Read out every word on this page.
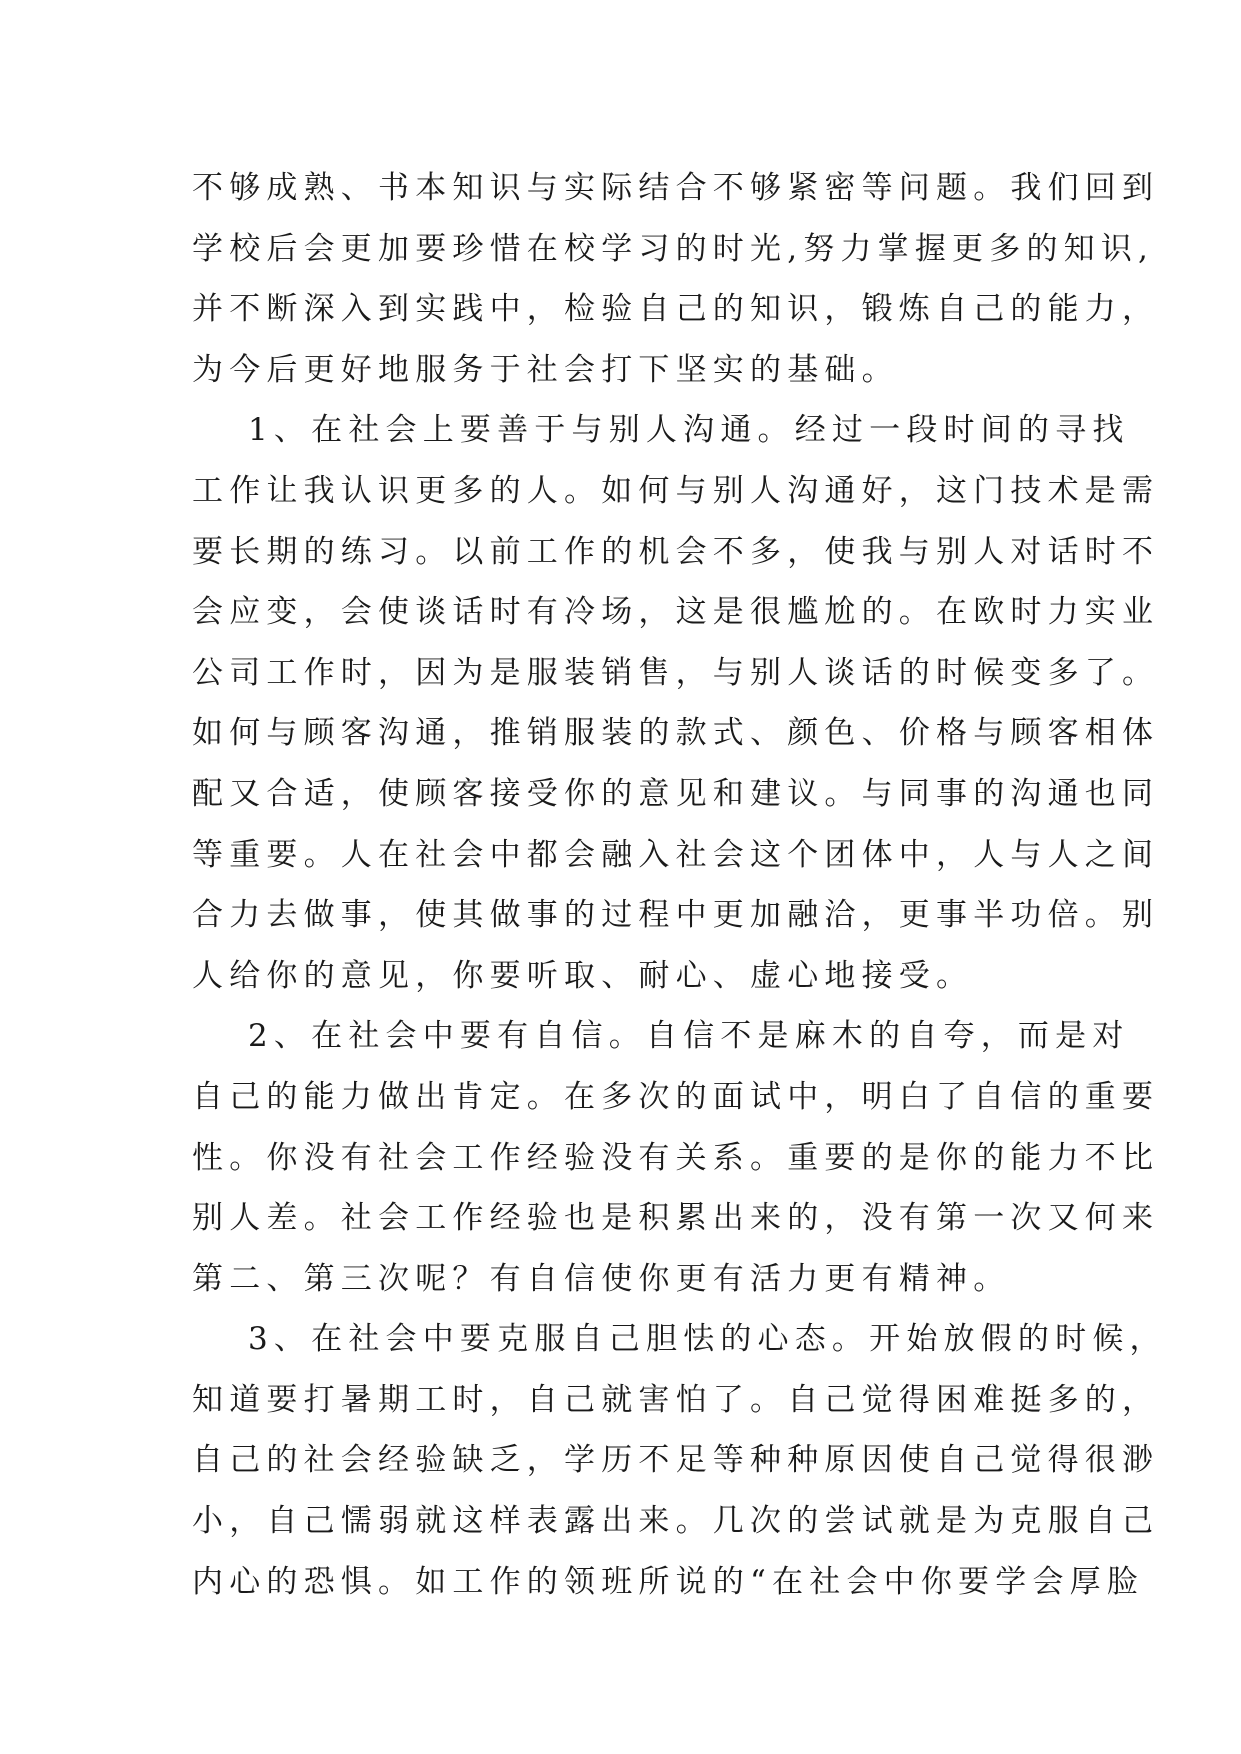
不够成熟、书本知识与实际结合不够紧密等问题。我们回到
学校后会更加要珍惜在校学习的时光,努力掌握更多的知识,
并不断深入到实践中，检验自己的知识，锻炼自己的能力，
为今后更好地服务于社会打下坚实的基础。
1、在社会上要善于与别人沟通。经过一段时间的寻找
工作让我认识更多的人。如何与别人沟通好，这门技术是需
要长期的练习。以前工作的机会不多，使我与别人对话时不
会应变，会使谈话时有冷场，这是很尴尬的。在欧时力实业
公司工作时，因为是服装销售，与别人谈话的时候变多了。
如何与顾客沟通，推销服装的款式、颜色、价格与顾客相体
配又合适，使顾客接受你的意见和建议。与同事的沟通也同
等重要。人在社会中都会融入社会这个团体中，人与人之间
合力去做事，使其做事的过程中更加融洽，更事半功倍。别
人给你的意见，你要听取、耐心、虚心地接受。
2、在社会中要有自信。自信不是麻木的自夸，而是对
自己的能力做出肯定。在多次的面试中，明白了自信的重要
性。你没有社会工作经验没有关系。重要的是你的能力不比
别人差。社会工作经验也是积累出来的，没有第一次又何来
第二、第三次呢？有自信使你更有活力更有精神。
3、在社会中要克服自己胆怯的心态。开始放假的时候，
知道要打暑期工时，自己就害怕了。自己觉得困难挺多的，
自己的社会经验缺乏，学历不足等种种原因使自己觉得很渺
小，自己懦弱就这样表露出来。几次的尝试就是为克服自己
内心的恐惧。如工作的领班所说的“在社会中你要学会厚脸
